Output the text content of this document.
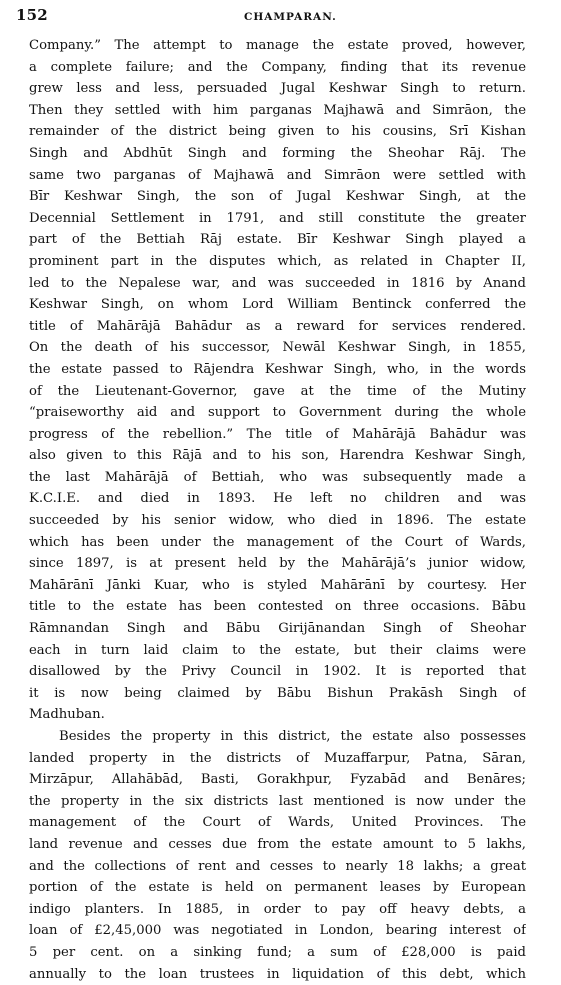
152	CHAMPARAN.
Company.” The attempt to manage the estate proved, however,
a complete failure; and the Company, finding that its revenue
grew less and less, persuaded Jugal Keshwar Singh to return.
Then they settled with him parganas Majhawā and Simrāon, the
remainder of the district being given to his cousins, Srī Kishan
Singh and Abdhūt Singh and forming the Sheohar Rāj. The
same two parganas of Majhawā and Simrāon were settled with
Bīr Keshwar Singh, the son of Jugal Keshwar Singh, at the
Decennial Settlement in 1791, and still constitute the greater
part of the Bettiah Rāj estate. Bīr Keshwar Singh played a
prominent part in the disputes which, as related in Chapter II,
led to the Nepalese war, and was succeeded in 1816 by Anand
Keshwar Singh, on whom Lord William Bentinck conferred the
title of Mahārājā Bahādur as a reward for services rendered.
On the death of his successor, Newāl Keshwar Singh, in 1855,
the estate passed to Rājendra Keshwar Singh, who, in the words
of the Lieutenant-Governor, gave at the time of the Mutiny
“praiseworthy aid and support to Government during the whole
progress of the rebellion.” The title of Mahārājā Bahādur was
also given to this Rājā and to his son, Harendra Keshwar Singh,
the last Mahārājā of Bettiah, who was subsequently made a
K.C.I.E. and died in 1893. He left no children and was
succeeded by his senior widow, who died in 1896. The estate
which has been under the management of the Court of Wards,
since 1897, is at present held by the Mahārājā’s junior widow,
Mahārānī Jānki Kuar, who is styled Mahārānī by courtesy. Her
title to the estate has been contested on three occasions. Bābu
Rāmnandan Singh and Bābu Girijānandan Singh of Sheohar
each in turn laid claim to the estate, but their claims were
disallowed by the Privy Council in 1902. It is reported that
it is now being claimed by Bābu Bishun Prakāsh Singh of
Madhuban.
Besides the property in this district, the estate also possesses
landed property in the districts of Muzaffarpur, Patna, Sāran,
Mirzāpur, Allahābād, Basti, Gorakhpur, Fyzabād and Benāres;
the property in the six districts last mentioned is now under the
management of the Court of Wards, United Provinces. The
land revenue and cesses due from the estate amount to 5 lakhs,
and the collections of rent and cesses to nearly 18 lakhs; a great
portion of the estate is held on permanent leases by European
indigo planters. In 1885, in order to pay off heavy debts, a
loan of £2,45,000 was negotiated in London, bearing interest of
5 per cent. on a sinking fund; a sum of £28,000 is paid
annually to the loan trustees in liquidation of this debt, which
